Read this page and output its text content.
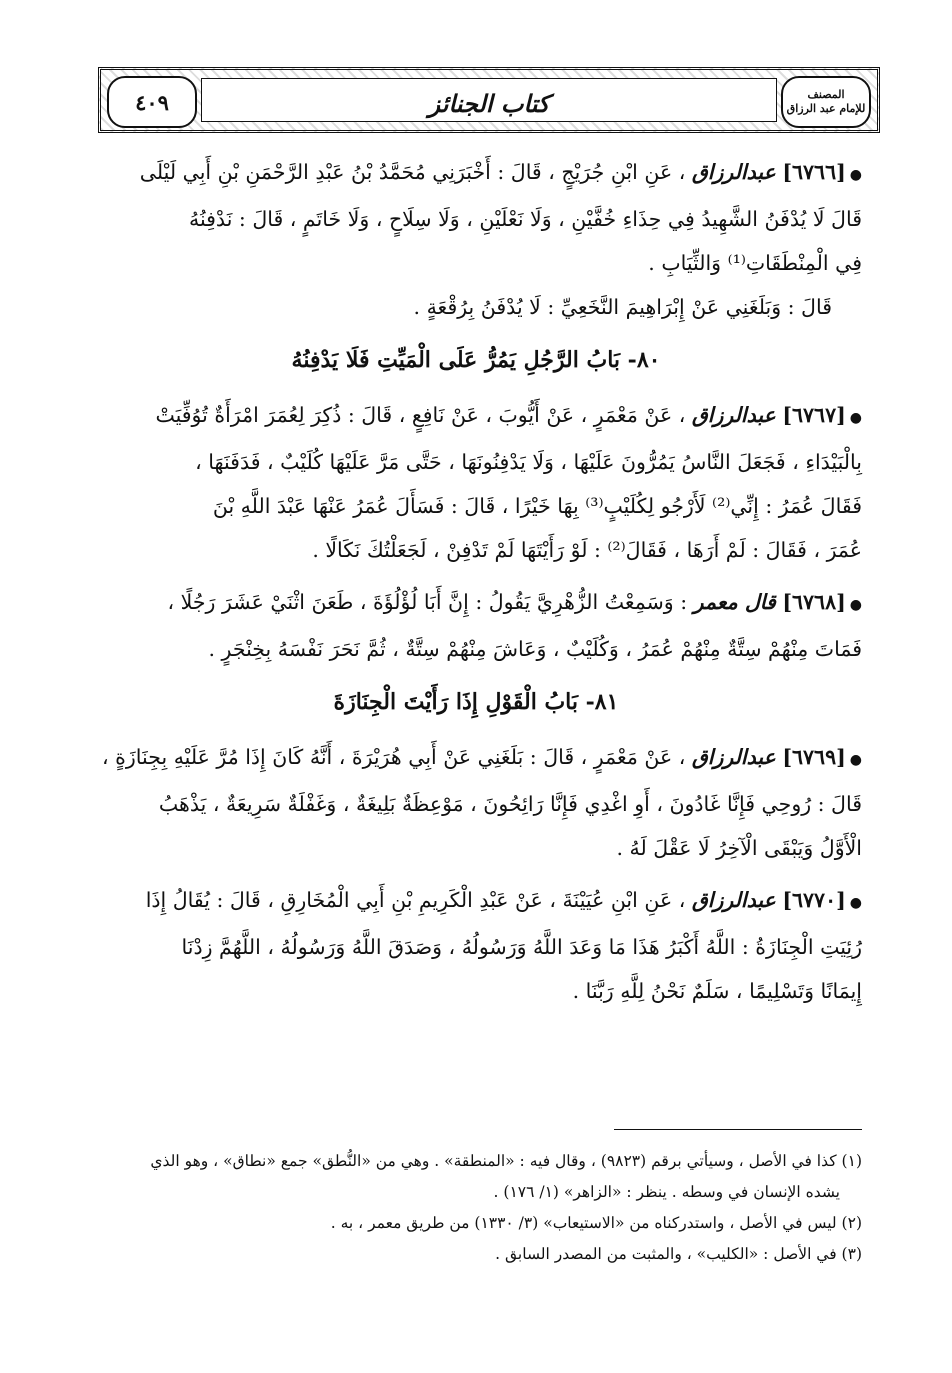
كتاب الجنائز	المصنف
للإمام عبد الرزاق
٤٠٩

●[٦٧٦٦] عبدالرزاق ، عَنِ ابْنِ جُرَيْجٍ ، قَالَ : أَخْبَرَنِي مُحَمَّدُ بْنُ عَبْدِ الرَّحْمَنِ بْنِ أَبِي لَيْلَى
قَالَ لَا يُدْفَنُ الشَّهِيدُ فِي حِذَاءِ خُفَّيْنِ ، وَلَا نَعْلَيْنِ ، وَلَا سِلَاحٍ ، وَلَا خَاتَمٍ ، قَالَ : نَدْفِنُهُ
فِي الْمِنْطَقَاتِ⁽¹⁾ وَالثِّيَابِ .

قَالَ : وَبَلَغَنِي عَنْ إِبْرَاهِيمَ النَّخَعِيِّ : لَا يُدْفَنُ بِرُقْعَةٍ .

٨٠- بَابُ الرَّجُلِ يَمُرُّ عَلَى الْمَيِّتِ فَلَا يَدْفِنُهُ

●[٦٧٦٧] عبدالرزاق ، عَنْ مَعْمَرٍ ، عَنْ أَيُّوبَ ، عَنْ نَافِعٍ ، قَالَ : ذُكِرَ لِعُمَرَ امْرَأَةٌ تُوُفِّيَتْ
بِالْبَيْدَاءِ ، فَجَعَلَ النَّاسُ يَمُرُّونَ عَلَيْهَا ، وَلَا يَدْفِنُونَهَا ، حَتَّى مَرَّ عَلَيْهَا كُلَيْبٌ ، فَدَفَنَهَا ،
فَقَالَ عُمَرُ : إِنِّي⁽²⁾ لَأَرْجُو لِكُلَيْبٍ⁽³⁾ بِهَا خَيْرًا ، قَالَ : فَسَأَلَ عُمَرُ عَنْهَا عَبْدَ اللَّهِ بْنَ
عُمَرَ ، فَقَالَ : لَمْ أَرَهَا ، فَقَالَ⁽²⁾ : لَوْ رَأَيْتَهَا لَمْ تَدْفِنْ ، لَجَعَلْتُكَ نَكَالًا .

●[٦٧٦٨] قال معمر : وَسَمِعْتُ الزُّهْرِيَّ يَقُولُ : إِنَّ أَبَا لُؤْلُؤَةَ ، طَعَنَ اثْنَيْ عَشَرَ رَجُلًا ،
فَمَاتَ مِنْهُمْ سِتَّةٌ مِنْهُمْ عُمَرُ ، وَكُلَيْبٌ ، وَعَاشَ مِنْهُمْ سِتَّةٌ ، ثُمَّ نَحَرَ نَفْسَهُ بِخِنْجَرٍ .

٨١- بَابُ الْقَوْلِ إِذَا رَأَيْتَ الْجِنَازَةَ

●[٦٧٦٩] عبدالرزاق ، عَنْ مَعْمَرٍ ، قَالَ : بَلَغَنِي عَنْ أَبِي هُرَيْرَةَ ، أَنَّهُ كَانَ إِذَا مُرَّ عَلَيْهِ بِجِنَازَةٍ ،
قَالَ : رُوحِي فَإِنَّا غَادُونَ ، أَوِ اغْدِي فَإِنَّا رَائِحُونَ ، مَوْعِظَةٌ بَلِيغَةٌ ، وَغَفْلَةٌ سَرِيعَةٌ ، يَذْهَبُ
الْأَوَّلُ وَيَبْقَى الْآخِرُ لَا عَقْلَ لَهُ .

●[٦٧٧٠] عبدالرزاق ، عَنِ ابْنِ عُيَيْنَةَ ، عَنْ عَبْدِ الْكَرِيمِ بْنِ أَبِي الْمُخَارِقِ ، قَالَ : يُقَالُ إِذَا
رُئِيَتِ الْجِنَازَةُ : اللَّهُ أَكْبَرُ هَذَا مَا وَعَدَ اللَّهُ وَرَسُولُهُ ، وَصَدَقَ اللَّهُ وَرَسُولُهُ ، اللَّهُمَّ زِدْنَا
إِيمَانًا وَتَسْلِيمًا ، سَلَمٌ نَحْنُ لِلَّهِ رَبَّنَا .

(١) كذا في الأصل ، وسيأتي برقم (٩٨٢٣) ، وقال فيه : «المنطقة» . وهي من «النُّطق» جمع «نطاق» ، وهو الذي

يشده الإنسان في وسطه . ينظر : «الزاهر» (١/ ١٧٦) .

(٢) ليس في الأصل ، واستدركناه من «الاستيعاب» (٣/ ١٣٣٠) من طريق معمر ، به .

(٣) في الأصل : «الكليب» ، والمثبت من المصدر السابق .
